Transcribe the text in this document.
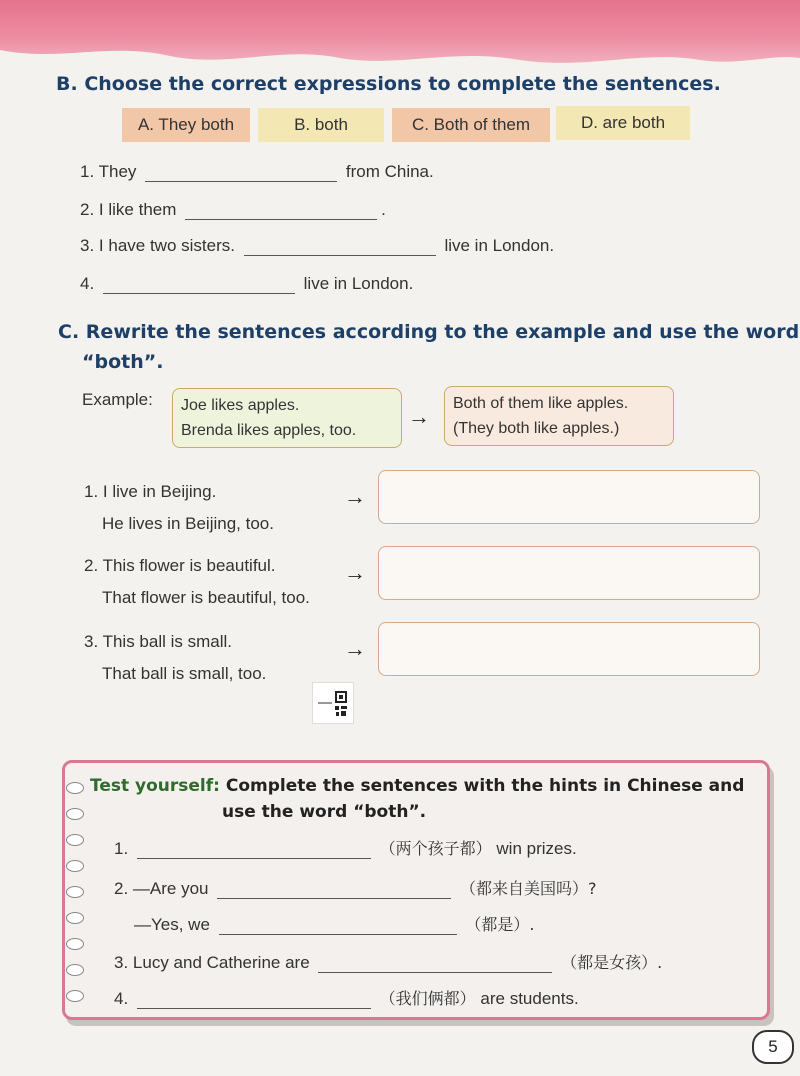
B. Choose the correct expressions to complete the sentences.
A. They both	B. both	C. Both of them	D. are both
1. They	from China.
2. I like them	.
3. I have two sisters.	live in London.
4.	live in London.
C. Rewrite the sentences according to the example and use the word
“both”.
Example: Joe likes apples.
Brenda likes apples, too.
→
Both of them like apples.
(They both like apples.)
1. I live in Beijing.
He lives in Beijing, too.
→
2. This flower is beautiful.
That flower is beautiful, too.
→
3. This ball is small.
That ball is small, too.
→
Test yourself: Complete the sentences with the hints in Chinese and
use the word “both”.
1.	（两个孩子都） win prizes.
2. —Are you	（都来自美国吗）?
—Yes, we	（都是）.
3. Lucy and Catherine are	（都是女孩）.
4.	（我们俩都） are students.
5
